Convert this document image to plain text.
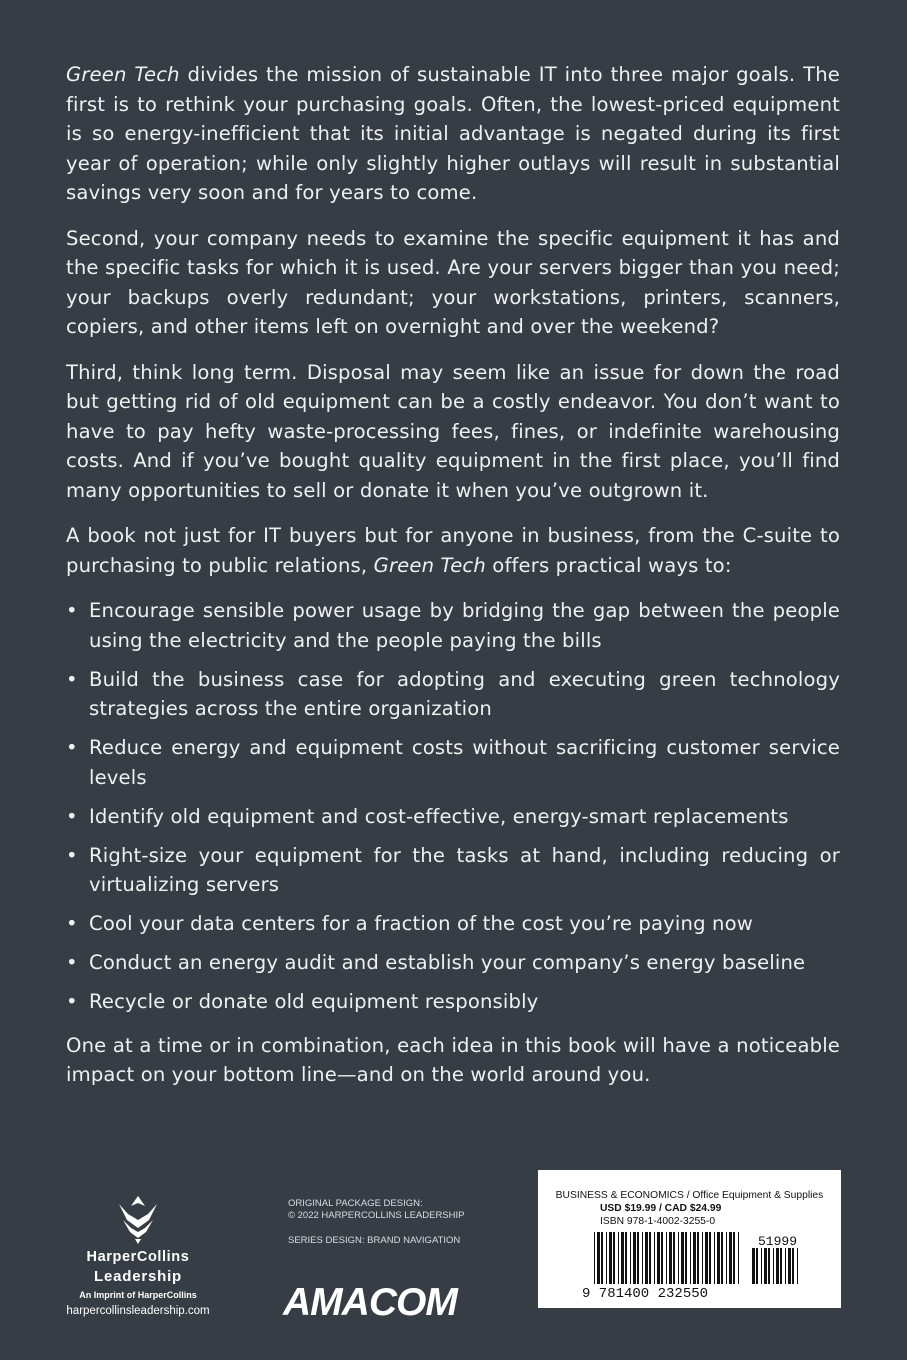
Green Tech divides the mission of sustainable IT into three major goals. The first is to rethink your purchasing goals. Often, the lowest-priced equipment is so energy-inefficient that its initial advantage is negated during its first year of operation; while only slightly higher outlays will result in substantial savings very soon and for years to come.

Second, your company needs to examine the specific equipment it has and the specific tasks for which it is used. Are your servers bigger than you need; your backups overly redundant; your workstations, printers, scanners, copiers, and other items left on overnight and over the weekend?

Third, think long term. Disposal may seem like an issue for down the road but getting rid of old equipment can be a costly endeavor. You don’t want to have to pay hefty waste-processing fees, fines, or indefinite warehousing costs. And if you’ve bought quality equipment in the first place, you’ll find many opportunities to sell or donate it when you’ve outgrown it.

A book not just for IT buyers but for anyone in business, from the C-suite to purchasing to public relations, Green Tech offers practical ways to:

• Encourage sensible power usage by bridging the gap between the people using the electricity and the people paying the bills
• Build the business case for adopting and executing green technology strategies across the entire organization
• Reduce energy and equipment costs without sacrificing customer service levels
• Identify old equipment and cost-effective, energy-smart replacements
• Right-size your equipment for the tasks at hand, including reducing or virtualizing servers
• Cool your data centers for a fraction of the cost you’re paying now
• Conduct an energy audit and establish your company’s energy baseline
• Recycle or donate old equipment responsibly

One at a time or in combination, each idea in this book will have a noticeable impact on your bottom line—and on the world around you.

HarperCollins
Leadership
An Imprint of HarperCollins
harpercollinsleadership.com
ORIGINAL PACKAGE DESIGN:
© 2022 HARPERCOLLINS LEADERSHIP
SERIES DESIGN: BRAND NAVIGATION
AMACOM
BUSINESS & ECONOMICS / Office Equipment & Supplies
USD $19.99 / CAD $24.99
ISBN 978-1-4002-3255-0
9 781400 232550
51999
